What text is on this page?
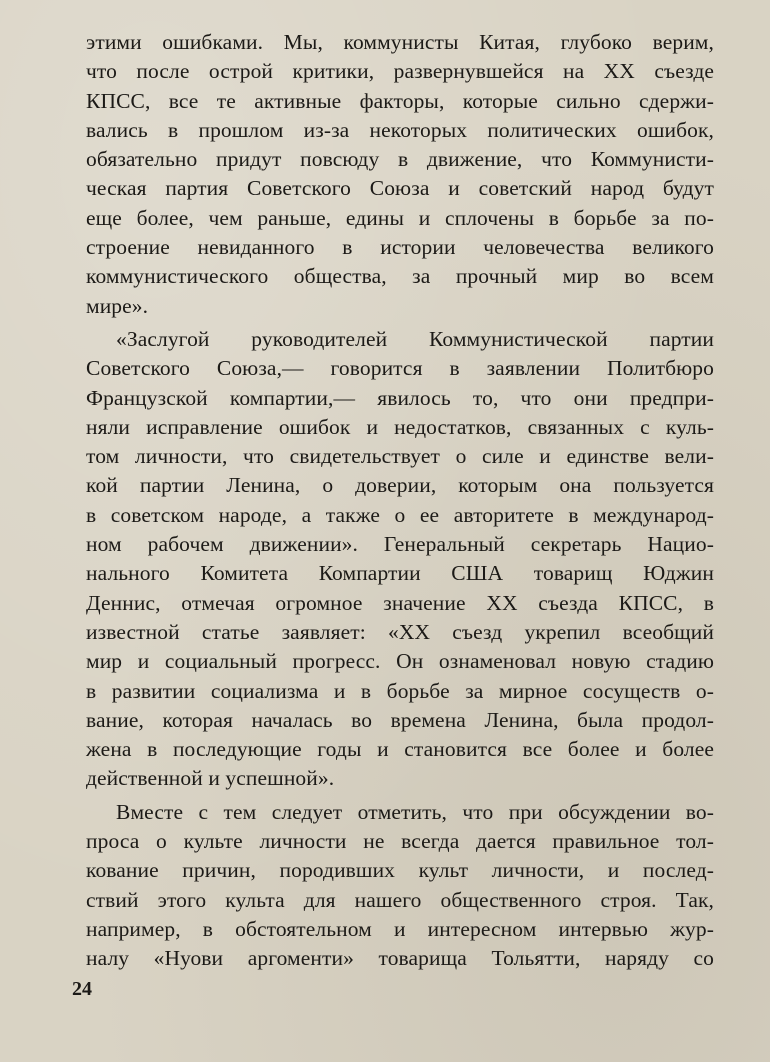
этими ошибками. Мы, коммунисты Китая, глубоко верим,
что после острой критики, развернувшейся на XX съезде
КПСС, все те активные факторы, которые сильно сдержи-
вались в прошлом из-за некоторых политических ошибок,
обязательно придут повсюду в движение, что Коммунисти-
ческая партия Советского Союза и советский народ будут
еще более, чем раньше, едины и сплочены в борьбе за по-
строение невиданного в истории человечества великого
коммунистического общества, за прочный мир во всем
мире».
«Заслугой руководителей Коммунистической партии
Советского Союза,— говорится в заявлении Политбюро
Французской компартии,— явилось то, что они предпри-
няли исправление ошибок и недостатков, связанных с куль-
том личности, что свидетельствует о силе и единстве вели-
кой партии Ленина, о доверии, которым она пользуется
в советском народе, а также о ее авторитете в международ-
ном рабочем движении». Генеральный секретарь Нацио-
нального Комитета Компартии США товарищ Юджин
Деннис, отмечая огромное значение XX съезда КПСС, в
известной статье заявляет: «XX съезд укрепил всеобщий
мир и социальный прогресс. Он ознаменовал новую стадию
в развитии социализма и в борьбе за мирное сосуществ о-
вание, которая началась во времена Ленина, была продол-
жена в последующие годы и становится все более и более
действенной и успешной».
Вместе с тем следует отметить, что при обсуждении во-
проса о культе личности не всегда дается правильное тол-
кование причин, породивших культ личности, и послед-
ствий этого культа для нашего общественного строя. Так,
например, в обстоятельном и интересном интервью жур-
налу «Нуови аргоменти» товарища Тольятти, наряду со
24
